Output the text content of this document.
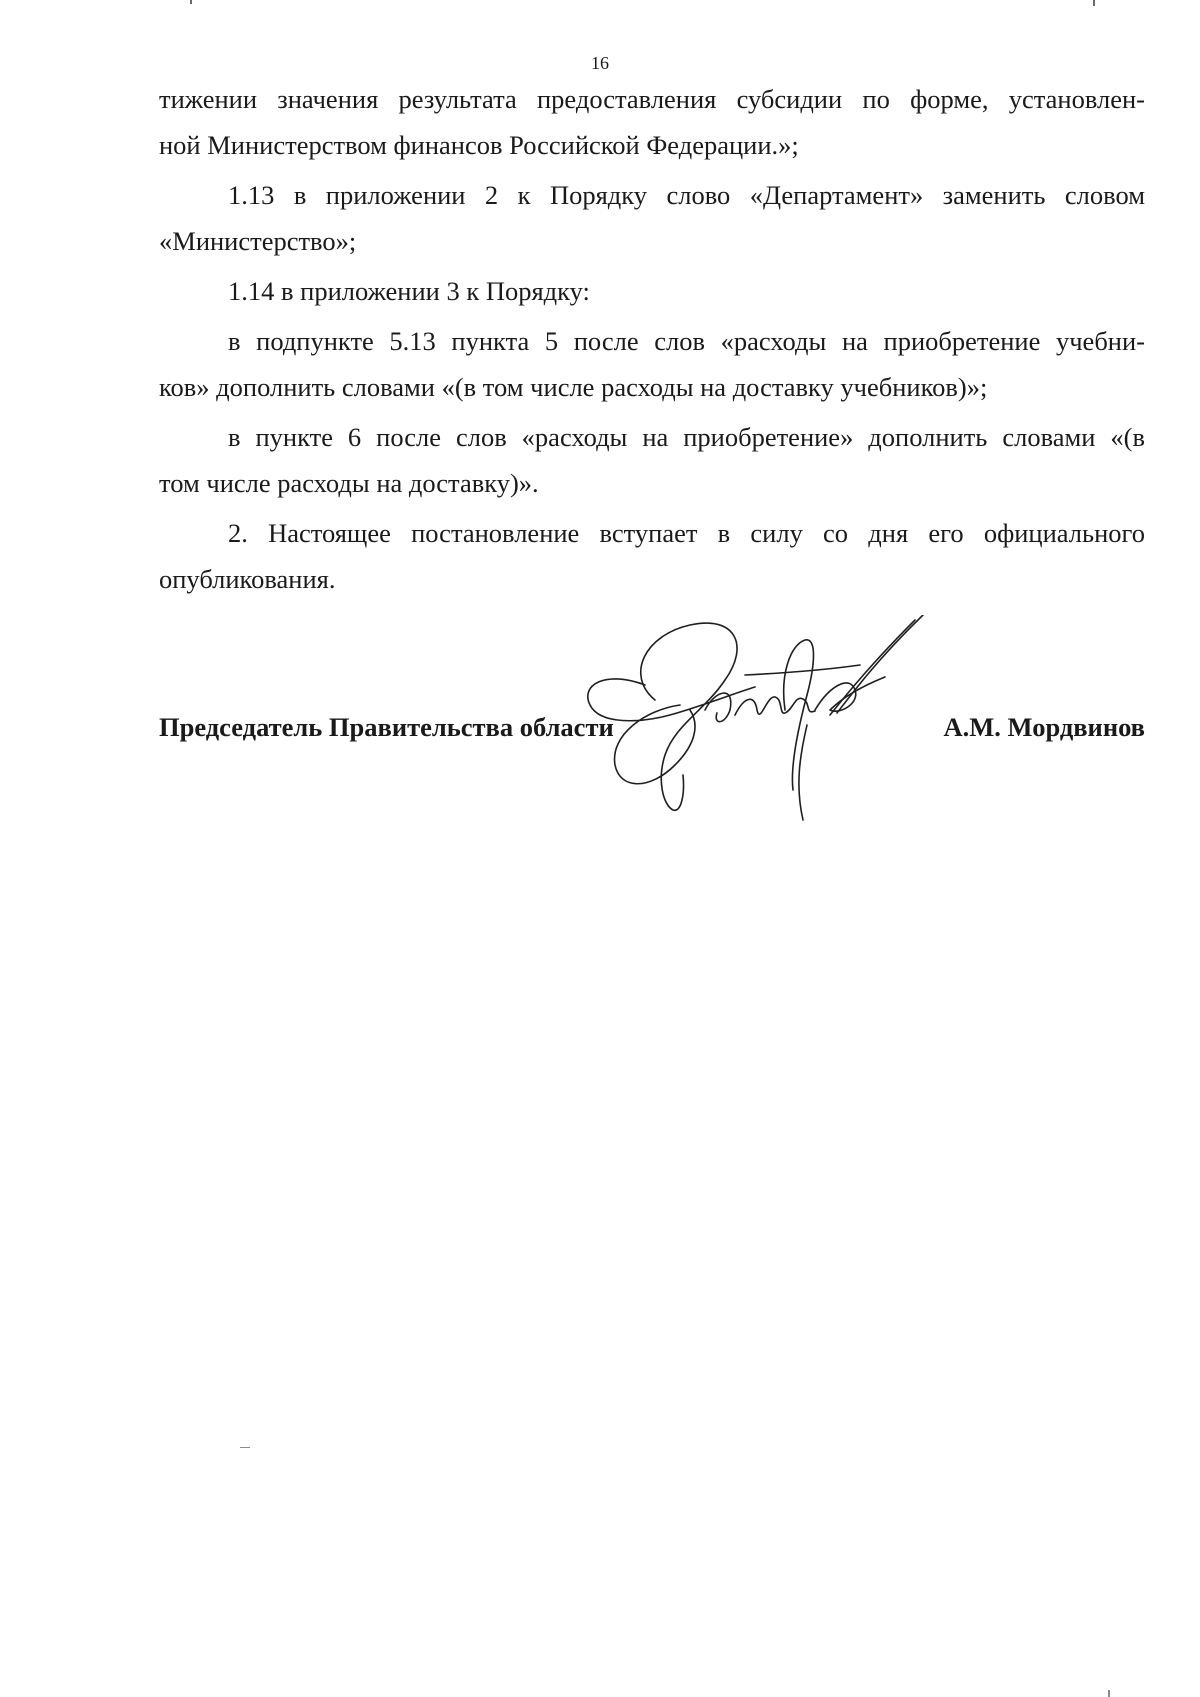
16
тижении значения результата предоставления субсидии по форме, установлен-
ной Министерством финансов Российской Федерации.»;
1.13 в приложении 2 к Порядку слово «Департамент» заменить словом
«Министерство»;
1.14 в приложении 3 к Порядку:
в подпункте 5.13 пункта 5 после слов «расходы на приобретение учебни-
ков» дополнить словами «(в том числе расходы на доставку учебников)»;
в пункте 6 после слов «расходы на приобретение» дополнить словами «(в
том числе расходы на доставку)».
2. Настоящее постановление вступает в силу со дня его официального
опубликования.
Председатель Правительства области	А.М. Мордвинов
